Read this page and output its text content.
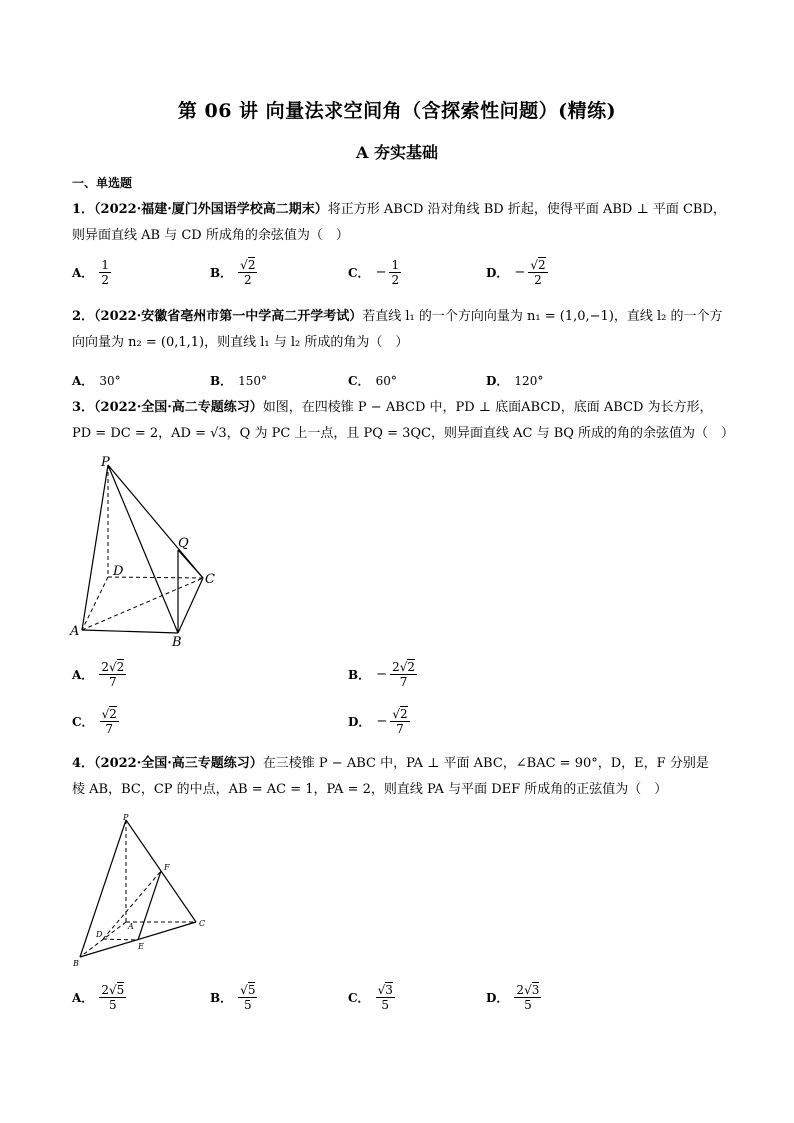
第 06 讲 向量法求空间角（含探索性问题）(精练)
A 夯实基础
一、单选题
1．（2022·福建·厦门外国语学校高二期末）将正方形 ABCD 沿对角线 BD 折起，使得平面 ABD ⊥ 平面 CBD，
则异面直线 AB 与 CD 所成角的余弦值为（　）
A． $\frac{1}{2}$	B． $\frac{√2}{2}$	C． − $\frac{1}{2}$	D． − $\frac{√2}{2}$
2．（2022·安徽省亳州市第一中学高二开学考试）若直线 l₁ 的一个方向向量为 n₁ = (1,0,−1)，直线 l₂ 的一个方
向向量为 n₂ = (0,1,1)，则直线 l₁ 与 l₂ 所成的角为（　）
A． 30°	B． 150°	C． 60°	D． 120°
3．（2022·全国·高二专题练习）如图，在四棱锥 P − ABCD 中，PD ⊥ 底面ABCD，底面 ABCD 为长方形，
PD = DC = 2，AD = √3，Q 为 PC 上一点，且 PQ = 3QC，则异面直线 AC 与 BQ 所成的角的余弦值为（　）
P
Q
D
C
A
B
A． $\frac{2√2}{7}$	B． − $\frac{2√2}{7}$
C． $\frac{√2}{7}$	D． − $\frac{√2}{7}$
4．（2022·全国·高三专题练习）在三棱锥 P − ABC 中，PA ⊥ 平面 ABC，∠BAC = 90°，D，E，F 分别是
棱 AB，BC，CP 的中点，AB = AC = 1，PA = 2，则直线 PA 与平面 DEF 所成角的正弦值为（　）
P
F
A	C
D
E
B
A． $\frac{2√5}{5}$	B． $\frac{√5}{5}$	C． $\frac{√3}{5}$	D． $\frac{2√3}{5}$
